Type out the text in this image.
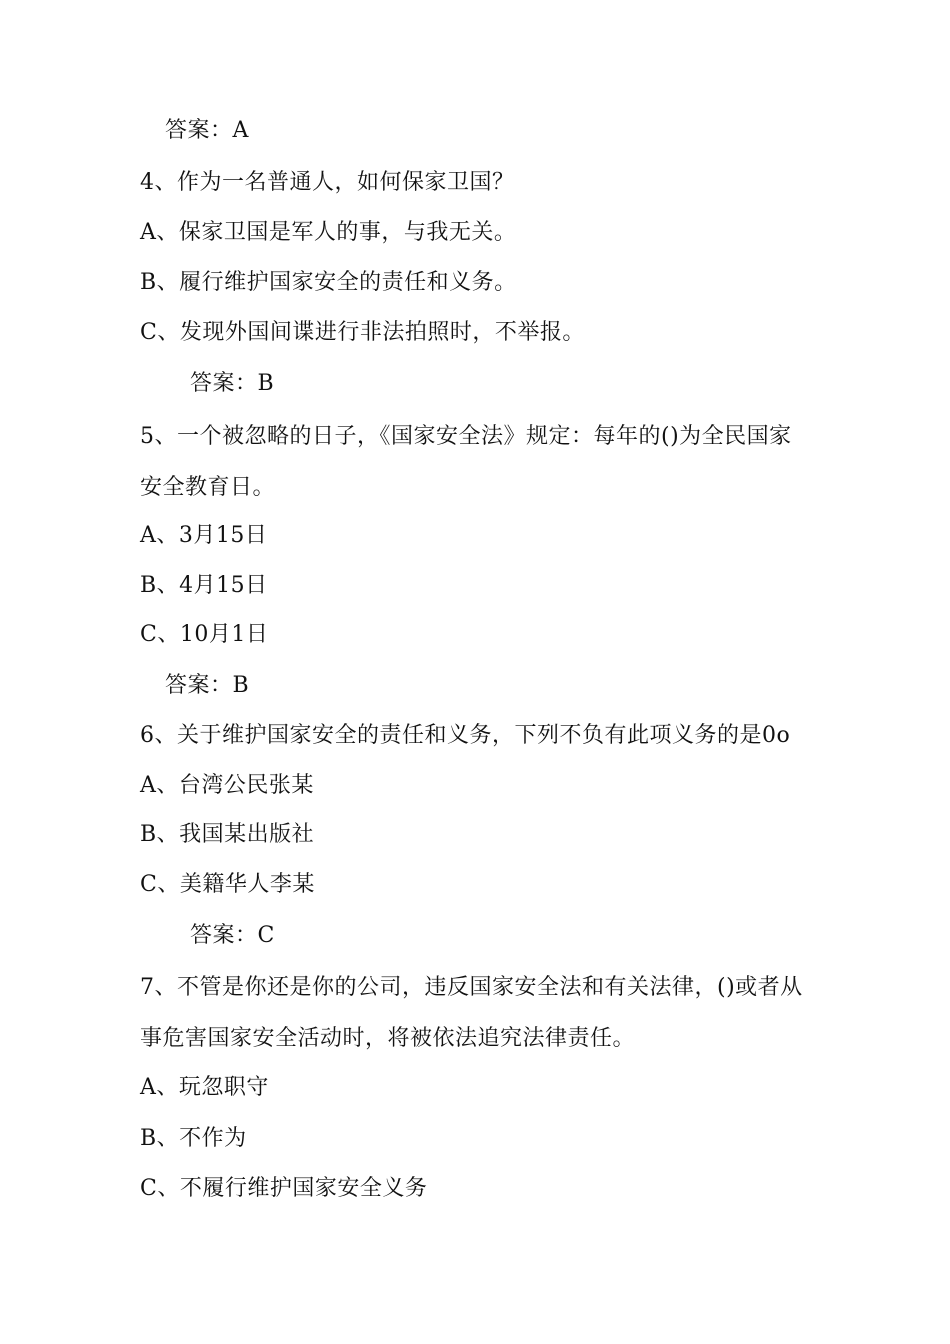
答案：A
4、作为一名普通人，如何保家卫国？
A、保家卫国是军人的事，与我无关。
B、履行维护国家安全的责任和义务。
C、发现外国间谍进行非法拍照时，不举报。
答案：B
5、一个被忽略的日子，《国家安全法》规定：每年的()为全民国家
安全教育日。
A、3月15日
B、4月15日
C、10月1日
答案：B
6、关于维护国家安全的责任和义务，下列不负有此项义务的是0o
A、台湾公民张某
B、我国某出版社
C、美籍华人李某
答案：C
7、不管是你还是你的公司，违反国家安全法和有关法律，()或者从
事危害国家安全活动时，将被依法追究法律责任。
A、玩忽职守
B、不作为
C、不履行维护国家安全义务
